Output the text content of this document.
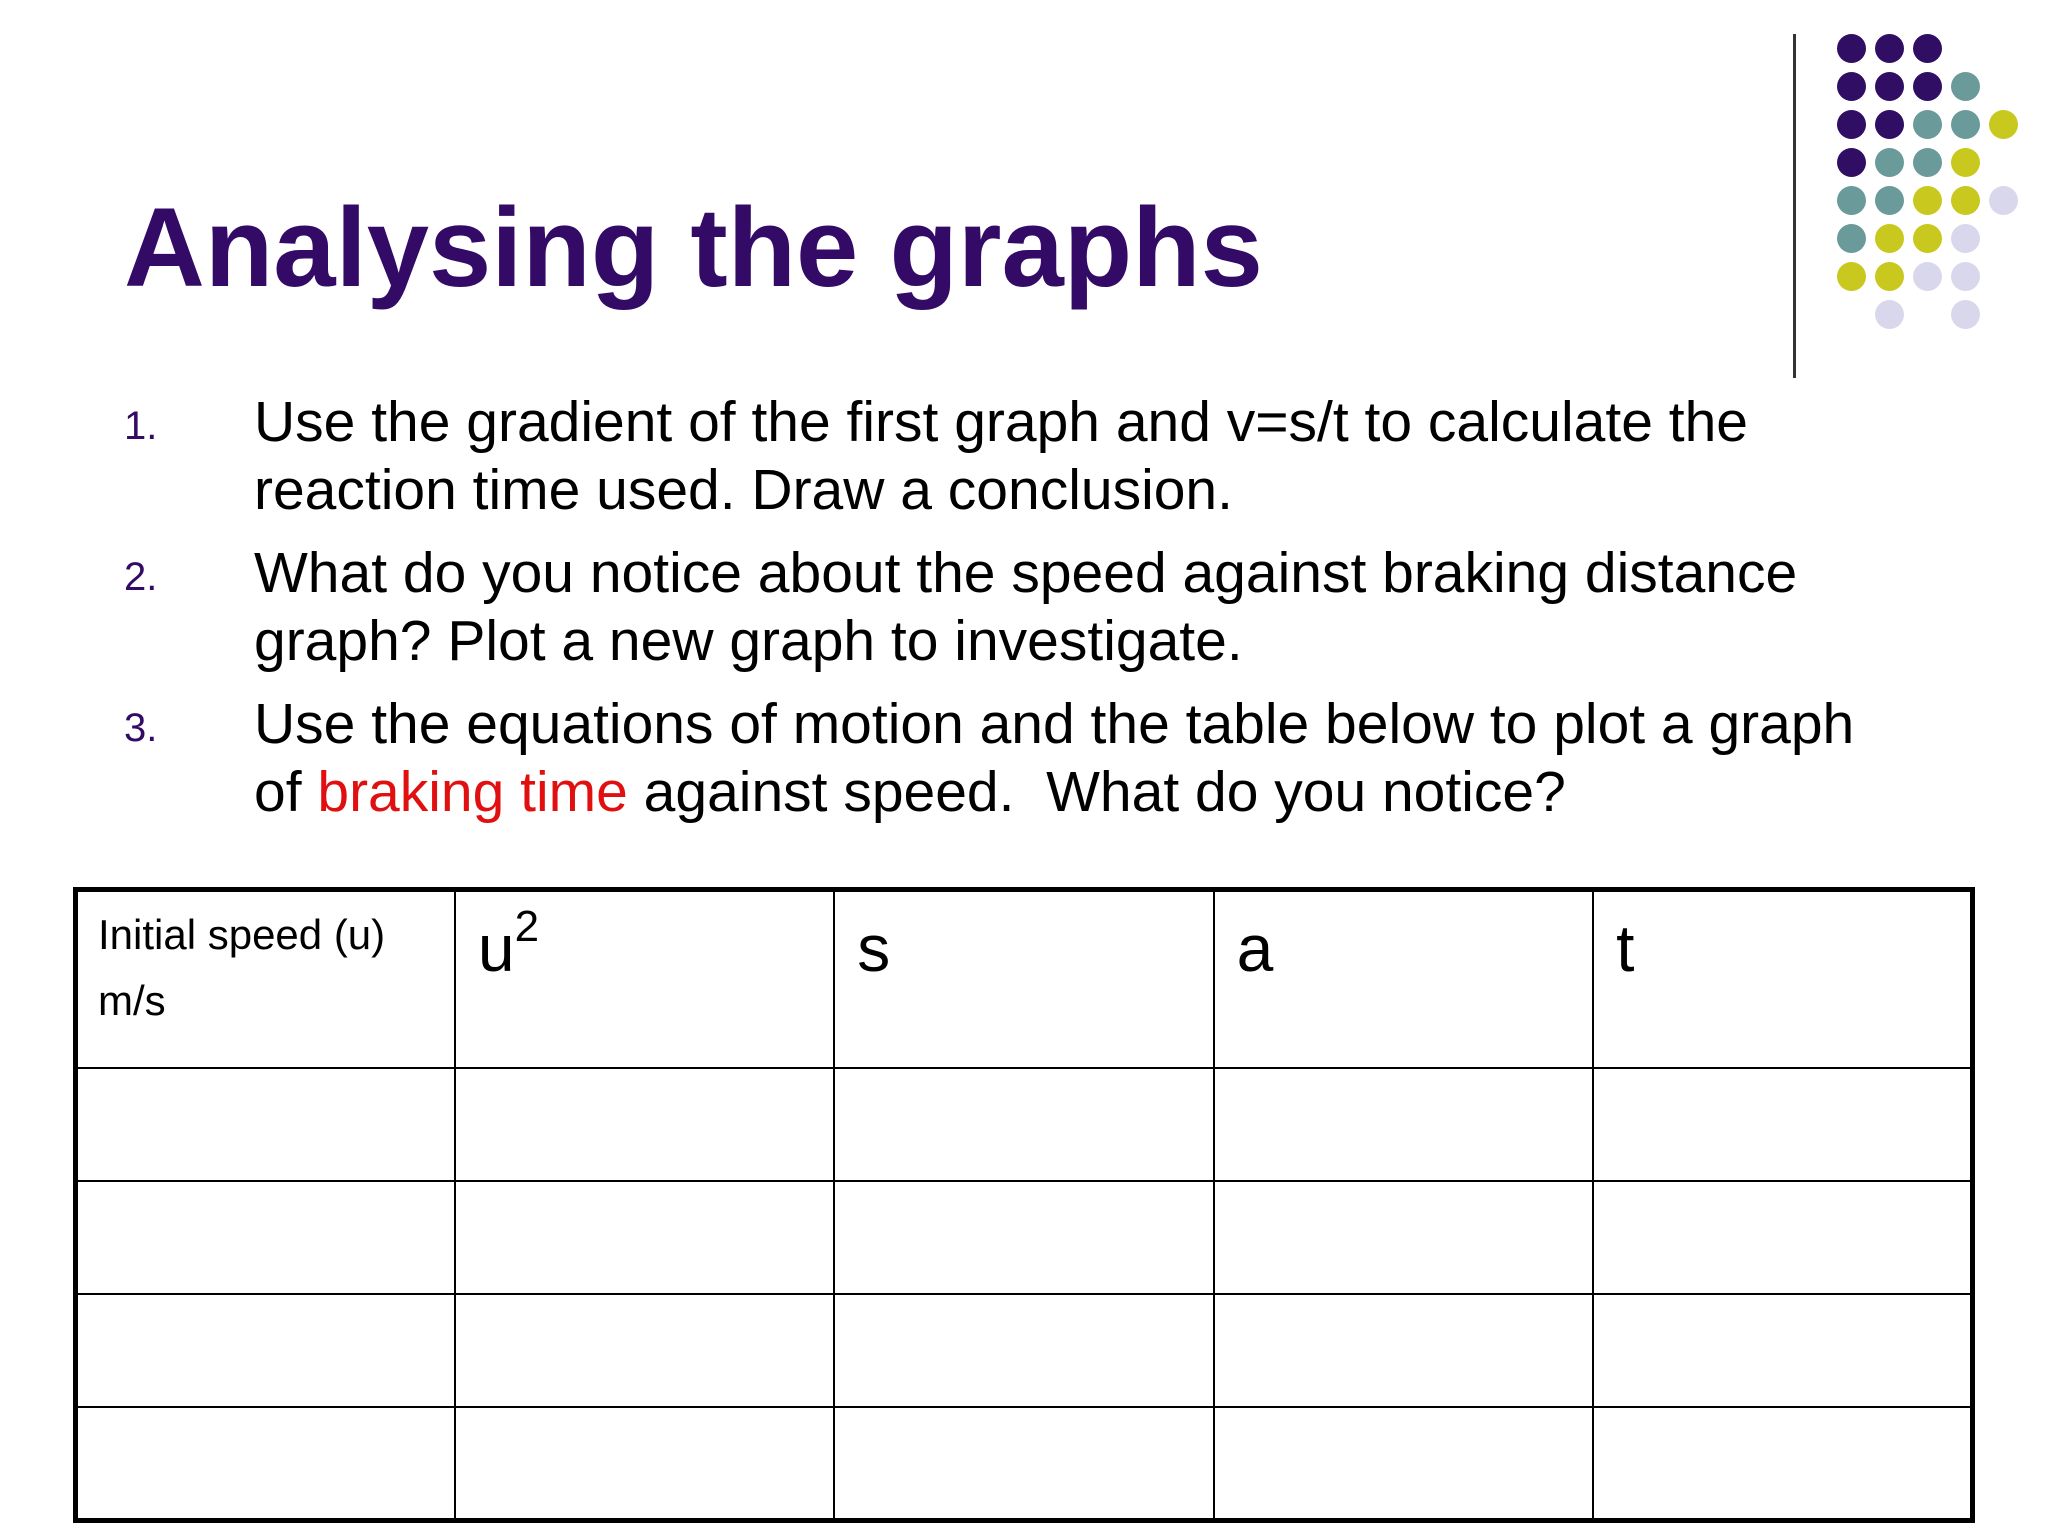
Analysing the graphs
1. Use the gradient of the first graph and v=s/t to calculate the
reaction time used. Draw a conclusion.
2. What do you notice about the speed against braking distance
graph? Plot a new graph to investigate.
3. Use the equations of motion and the table below to plot a graph
of braking time against speed.  What do you notice?
Initial speed (u)
m/s	$u^2$	s	a	t
